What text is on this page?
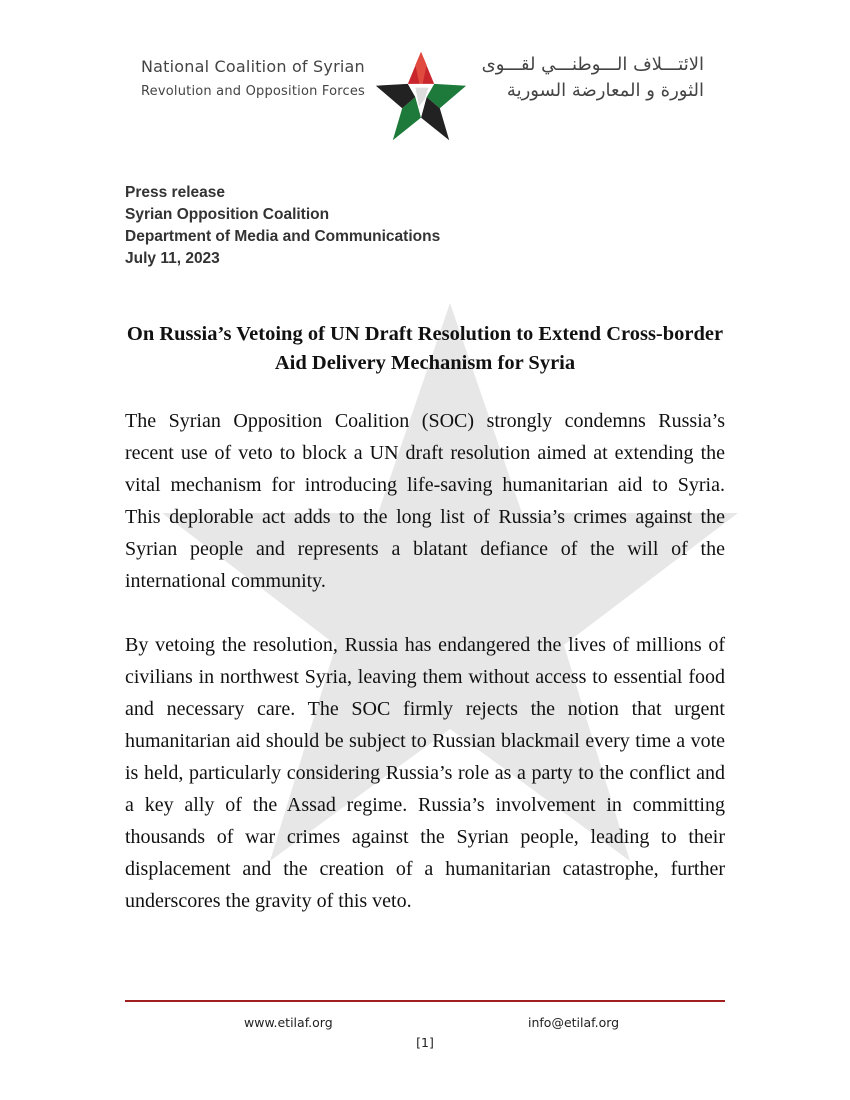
National Coalition of Syrian
Revolution and Opposition Forces
الائتـــلاف الـــوطنـــي لقـــوى
الثورة و المعارضة السورية
Press release
Syrian Opposition Coalition
Department of Media and Communications
July 11, 2023
On Russia’s Vetoing of UN Draft Resolution to Extend Cross-border Aid Delivery Mechanism for Syria

The Syrian Opposition Coalition (SOC) strongly condemns Russia’s recent use of veto to block a UN draft resolution aimed at extending the vital mechanism for introducing life-saving humanitarian aid to Syria. This deplorable act adds to the long list of Russia’s crimes against the Syrian people and represents a blatant defiance of the will of the international community.

By vetoing the resolution, Russia has endangered the lives of millions of civilians in northwest Syria, leaving them without access to essential food and necessary care. The SOC firmly rejects the notion that urgent humanitarian aid should be subject to Russian blackmail every time a vote is held, particularly considering Russia’s role as a party to the conflict and a key ally of the Assad regime. Russia’s involvement in committing thousands of war crimes against the Syrian people, leading to their displacement and the creation of a humanitarian catastrophe, further underscores the gravity of this veto.

www.etilaf.org	info@etilaf.org
[1]
